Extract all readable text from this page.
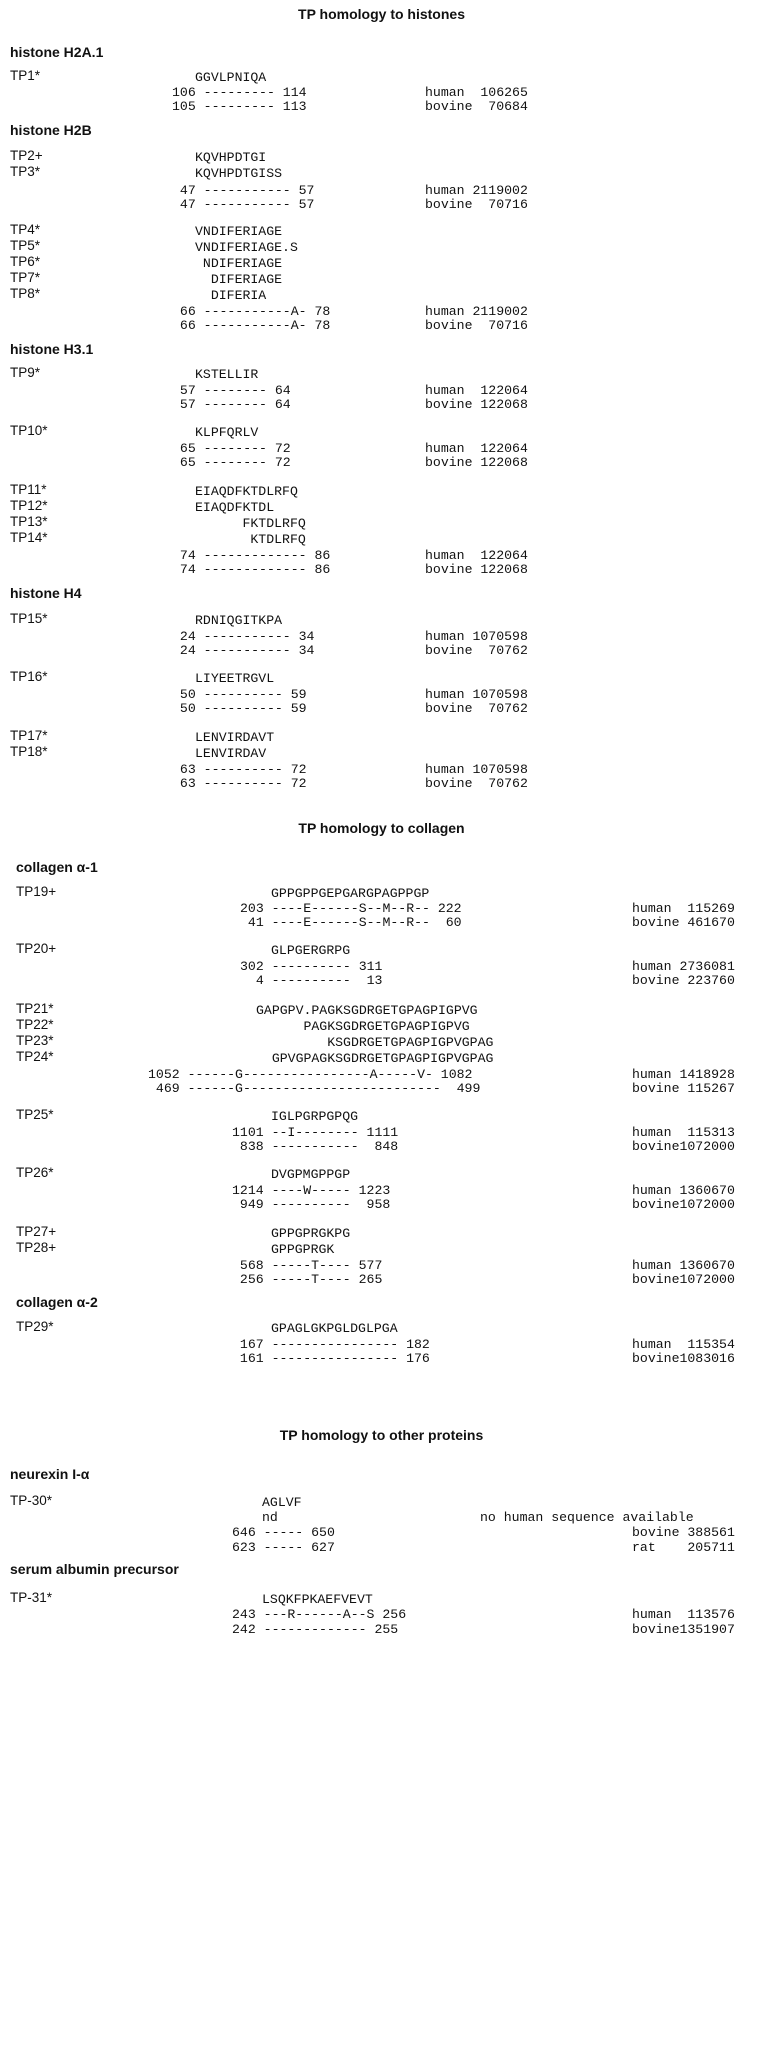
TP homology to histones
histone H2A.1
TP1*	GGVLPNIQA
106 --------- 114	human  106265
105 --------- 113	bovine  70684
histone H2B
TP2+	KQVHPDTGI
TP3*	KQVHPDTGISS
47 ----------- 57	human 2119002
47 ----------- 57	bovine  70716
TP4*	VNDIFERIAGE
TP5*	VNDIFERIAGE.S
TP6*	NDIFERIAGE
TP7*	DIFERIAGE
TP8*	DIFERIA
66 -----------A- 78	human 2119002
66 -----------A- 78	bovine  70716
histone H3.1
TP9*	KSTELLIR
57 -------- 64	human  122064
57 -------- 64	bovine 122068
TP10*	KLPFQRLV
65 -------- 72	human  122064
65 -------- 72	bovine 122068
TP11*	EIAQDFKTDLRFQ
TP12*	EIAQDFKTDL
TP13*	FKTDLRFQ
TP14*	KTDLRFQ
74 ------------- 86	human  122064
74 ------------- 86	bovine 122068
histone H4
TP15*	RDNIQGITKPA
24 ----------- 34	human 1070598
24 ----------- 34	bovine  70762
TP16*	LIYEETRGVL
50 ---------- 59	human 1070598
50 ---------- 59	bovine  70762
TP17*	LENVIRDAVT
TP18*	LENVIRDAV
63 ---------- 72	human 1070598
63 ---------- 72	bovine  70762
TP homology to collagen
collagen α-1
TP19+	GPPGPPGEPGARGPAGPPGP
203 ----E------S--M--R-- 222	human  115269
41 ----E------S--M--R--  60	bovine 461670
TP20+	GLPGERGRPG
302 ---------- 311	human 2736081
4 ----------  13	bovine 223760
TP21*	GAPGPV.PAGKSGDRGETGPAGPIGPVG
TP22*	PAGKSGDRGETGPAGPIGPVG
TP23*	KSGDRGETGPAGPIGPVGPAG
TP24*	GPVGPAGKSGDRGETGPAGPIGPVGPAG
1052 ------G----------------A-----V- 1082	human 1418928
469 ------G-------------------------  499	bovine 115267
TP25*	IGLPGRPGPQG
1101 --I-------- 1111	human  115313
838 -----------  848	bovine1072000
TP26*	DVGPMGPPGP
1214 ----W----- 1223	human 1360670
949 ----------  958	bovine1072000
TP27+	GPPGPRGKPG
TP28+	GPPGPRGK
568 -----T---- 577	human 1360670
256 -----T---- 265	bovine1072000
collagen α-2
TP29*	GPAGLGKPGLDGLPGA
167 ---------------- 182	human  115354
161 ---------------- 176	bovine1083016
TP homology to other proteins
neurexin I-α
TP-30*	AGLVF
nd	no human sequence available
646 ----- 650	bovine 388561
623 ----- 627	rat    205711
serum albumin precursor
TP-31*	LSQKFPKAEFVEVT
243 ---R------A--S 256	human  113576
242 ------------- 255	bovine1351907
